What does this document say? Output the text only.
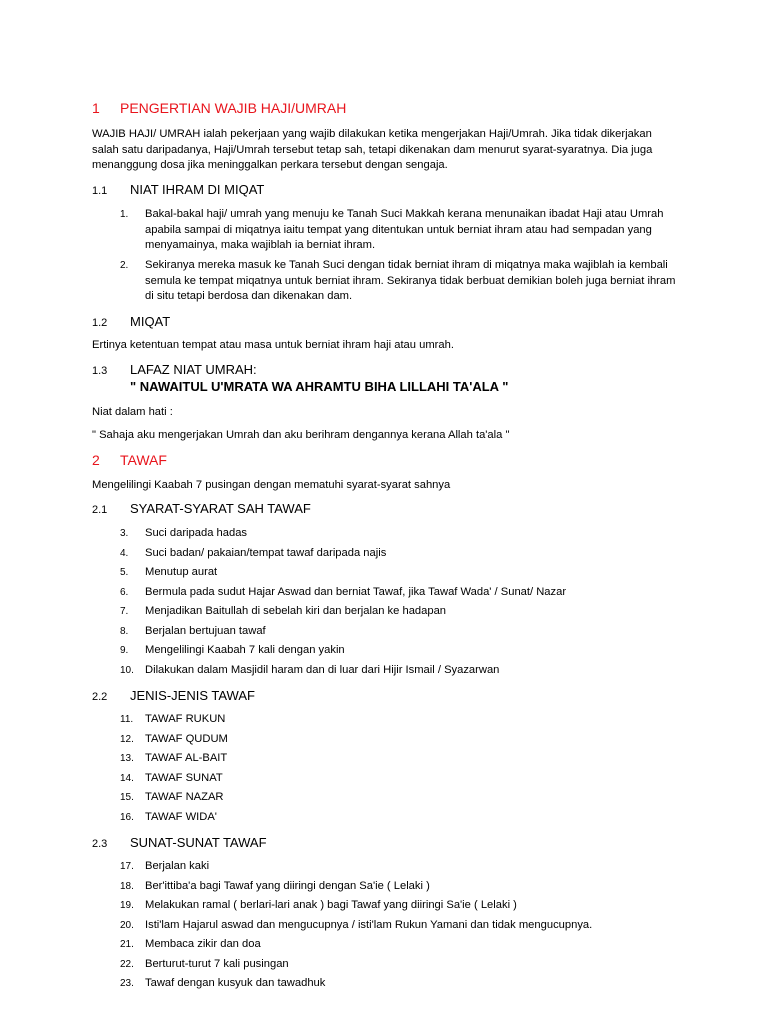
1 PENGERTIAN WAJIB HAJI/UMRAH
WAJIB HAJI/ UMRAH ialah pekerjaan yang wajib dilakukan ketika mengerjakan Haji/Umrah. Jika tidak dikerjakan salah satu daripadanya, Haji/Umrah tersebut tetap sah, tetapi dikenakan dam menurut syarat-syaratnya. Dia juga menanggung dosa jika meninggalkan perkara tersebut dengan sengaja.
1.1 NIAT IHRAM DI MIQAT
1. Bakal-bakal haji/ umrah yang menuju ke Tanah Suci Makkah kerana menunaikan ibadat Haji atau Umrah apabila sampai di miqatnya iaitu tempat yang ditentukan untuk berniat ihram atau had sempadan yang menyamainya, maka wajiblah ia berniat ihram.
2. Sekiranya mereka masuk ke Tanah Suci dengan tidak berniat ihram di miqatnya maka wajiblah ia kembali semula ke tempat miqatnya untuk berniat ihram. Sekiranya tidak berbuat demikian boleh juga berniat ihram di situ tetapi berdosa dan dikenakan dam.
1.2 MIQAT
Ertinya ketentuan tempat atau masa untuk berniat ihram haji atau umrah.
1.3 LAFAZ NIAT UMRAH:
" NAWAITUL U'MRATA WA AHRAMTU BIHA LILLAHI TA'ALA "
Niat dalam hati :
" Sahaja aku mengerjakan Umrah dan aku berihram dengannya kerana Allah ta'ala "
2 TAWAF
Mengelilingi Kaabah 7 pusingan dengan mematuhi syarat-syarat sahnya
2.1 SYARAT-SYARAT SAH TAWAF
3. Suci daripada hadas
4. Suci badan/ pakaian/tempat tawaf daripada najis
5. Menutup aurat
6. Bermula pada sudut Hajar Aswad dan berniat Tawaf, jika Tawaf Wada' / Sunat/ Nazar
7. Menjadikan Baitullah di sebelah kiri dan berjalan ke hadapan
8. Berjalan bertujuan tawaf
9. Mengelilingi Kaabah 7 kali dengan yakin
10. Dilakukan dalam Masjidil haram dan di luar dari Hijir Ismail / Syazarwan
2.2 JENIS-JENIS TAWAF
11. TAWAF RUKUN
12. TAWAF QUDUM
13. TAWAF AL-BAIT
14. TAWAF SUNAT
15. TAWAF NAZAR
16. TAWAF WIDA'
2.3 SUNAT-SUNAT TAWAF
17. Berjalan kaki
18. Ber'ittiba'a bagi Tawaf yang diiringi dengan Sa'ie ( Lelaki )
19. Melakukan ramal ( berlari-lari anak ) bagi Tawaf yang diiringi Sa'ie ( Lelaki )
20. Isti'lam Hajarul aswad dan mengucupnya / isti'lam Rukun Yamani dan tidak mengucupnya.
21. Membaca zikir dan doa
22. Berturut-turut 7 kali pusingan
23. Tawaf dengan kusyuk dan tawadhuk
